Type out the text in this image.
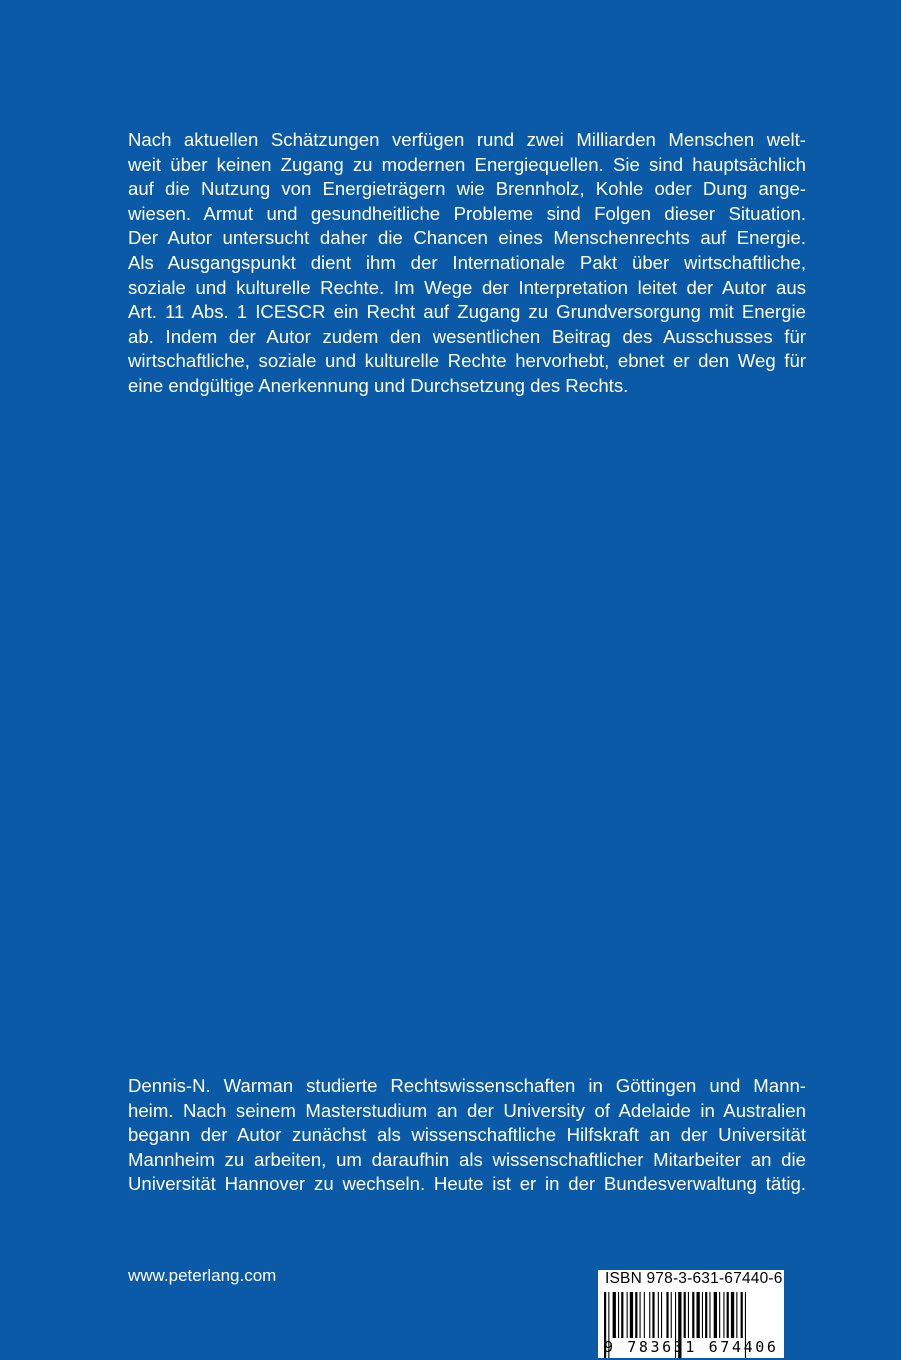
Nach aktuellen Schätzungen verfügen rund zwei Milliarden Menschen welt-
weit über keinen Zugang zu modernen Energiequellen. Sie sind hauptsächlich
auf die Nutzung von Energieträgern wie Brennholz, Kohle oder Dung ange-
wiesen. Armut und gesundheitliche Probleme sind Folgen dieser Situation.
Der Autor untersucht daher die Chancen eines Menschenrechts auf Energie.
Als Ausgangspunkt dient ihm der Internationale Pakt über wirtschaftliche,
soziale und kulturelle Rechte. Im Wege der Interpretation leitet der Autor aus
Art. 11 Abs. 1 ICESCR ein Recht auf Zugang zu Grundversorgung mit Energie
ab. Indem der Autor zudem den wesentlichen Beitrag des Ausschusses für
wirtschaftliche, soziale und kulturelle Rechte hervorhebt, ebnet er den Weg für
eine endgültige Anerkennung und Durchsetzung des Rechts.
Dennis-N. Warman studierte Rechtswissenschaften in Göttingen und Mann-
heim. Nach seinem Masterstudium an der University of Adelaide in Australien
begann der Autor zunächst als wissenschaftliche Hilfskraft an der Universität
Mannheim zu arbeiten, um daraufhin als wissenschaftlicher Mitarbeiter an die
Universität Hannover zu wechseln. Heute ist er in der Bundesverwaltung tätig.
www.peterlang.com	ISBN 978-3-631-67440-6
9 783631 674406
